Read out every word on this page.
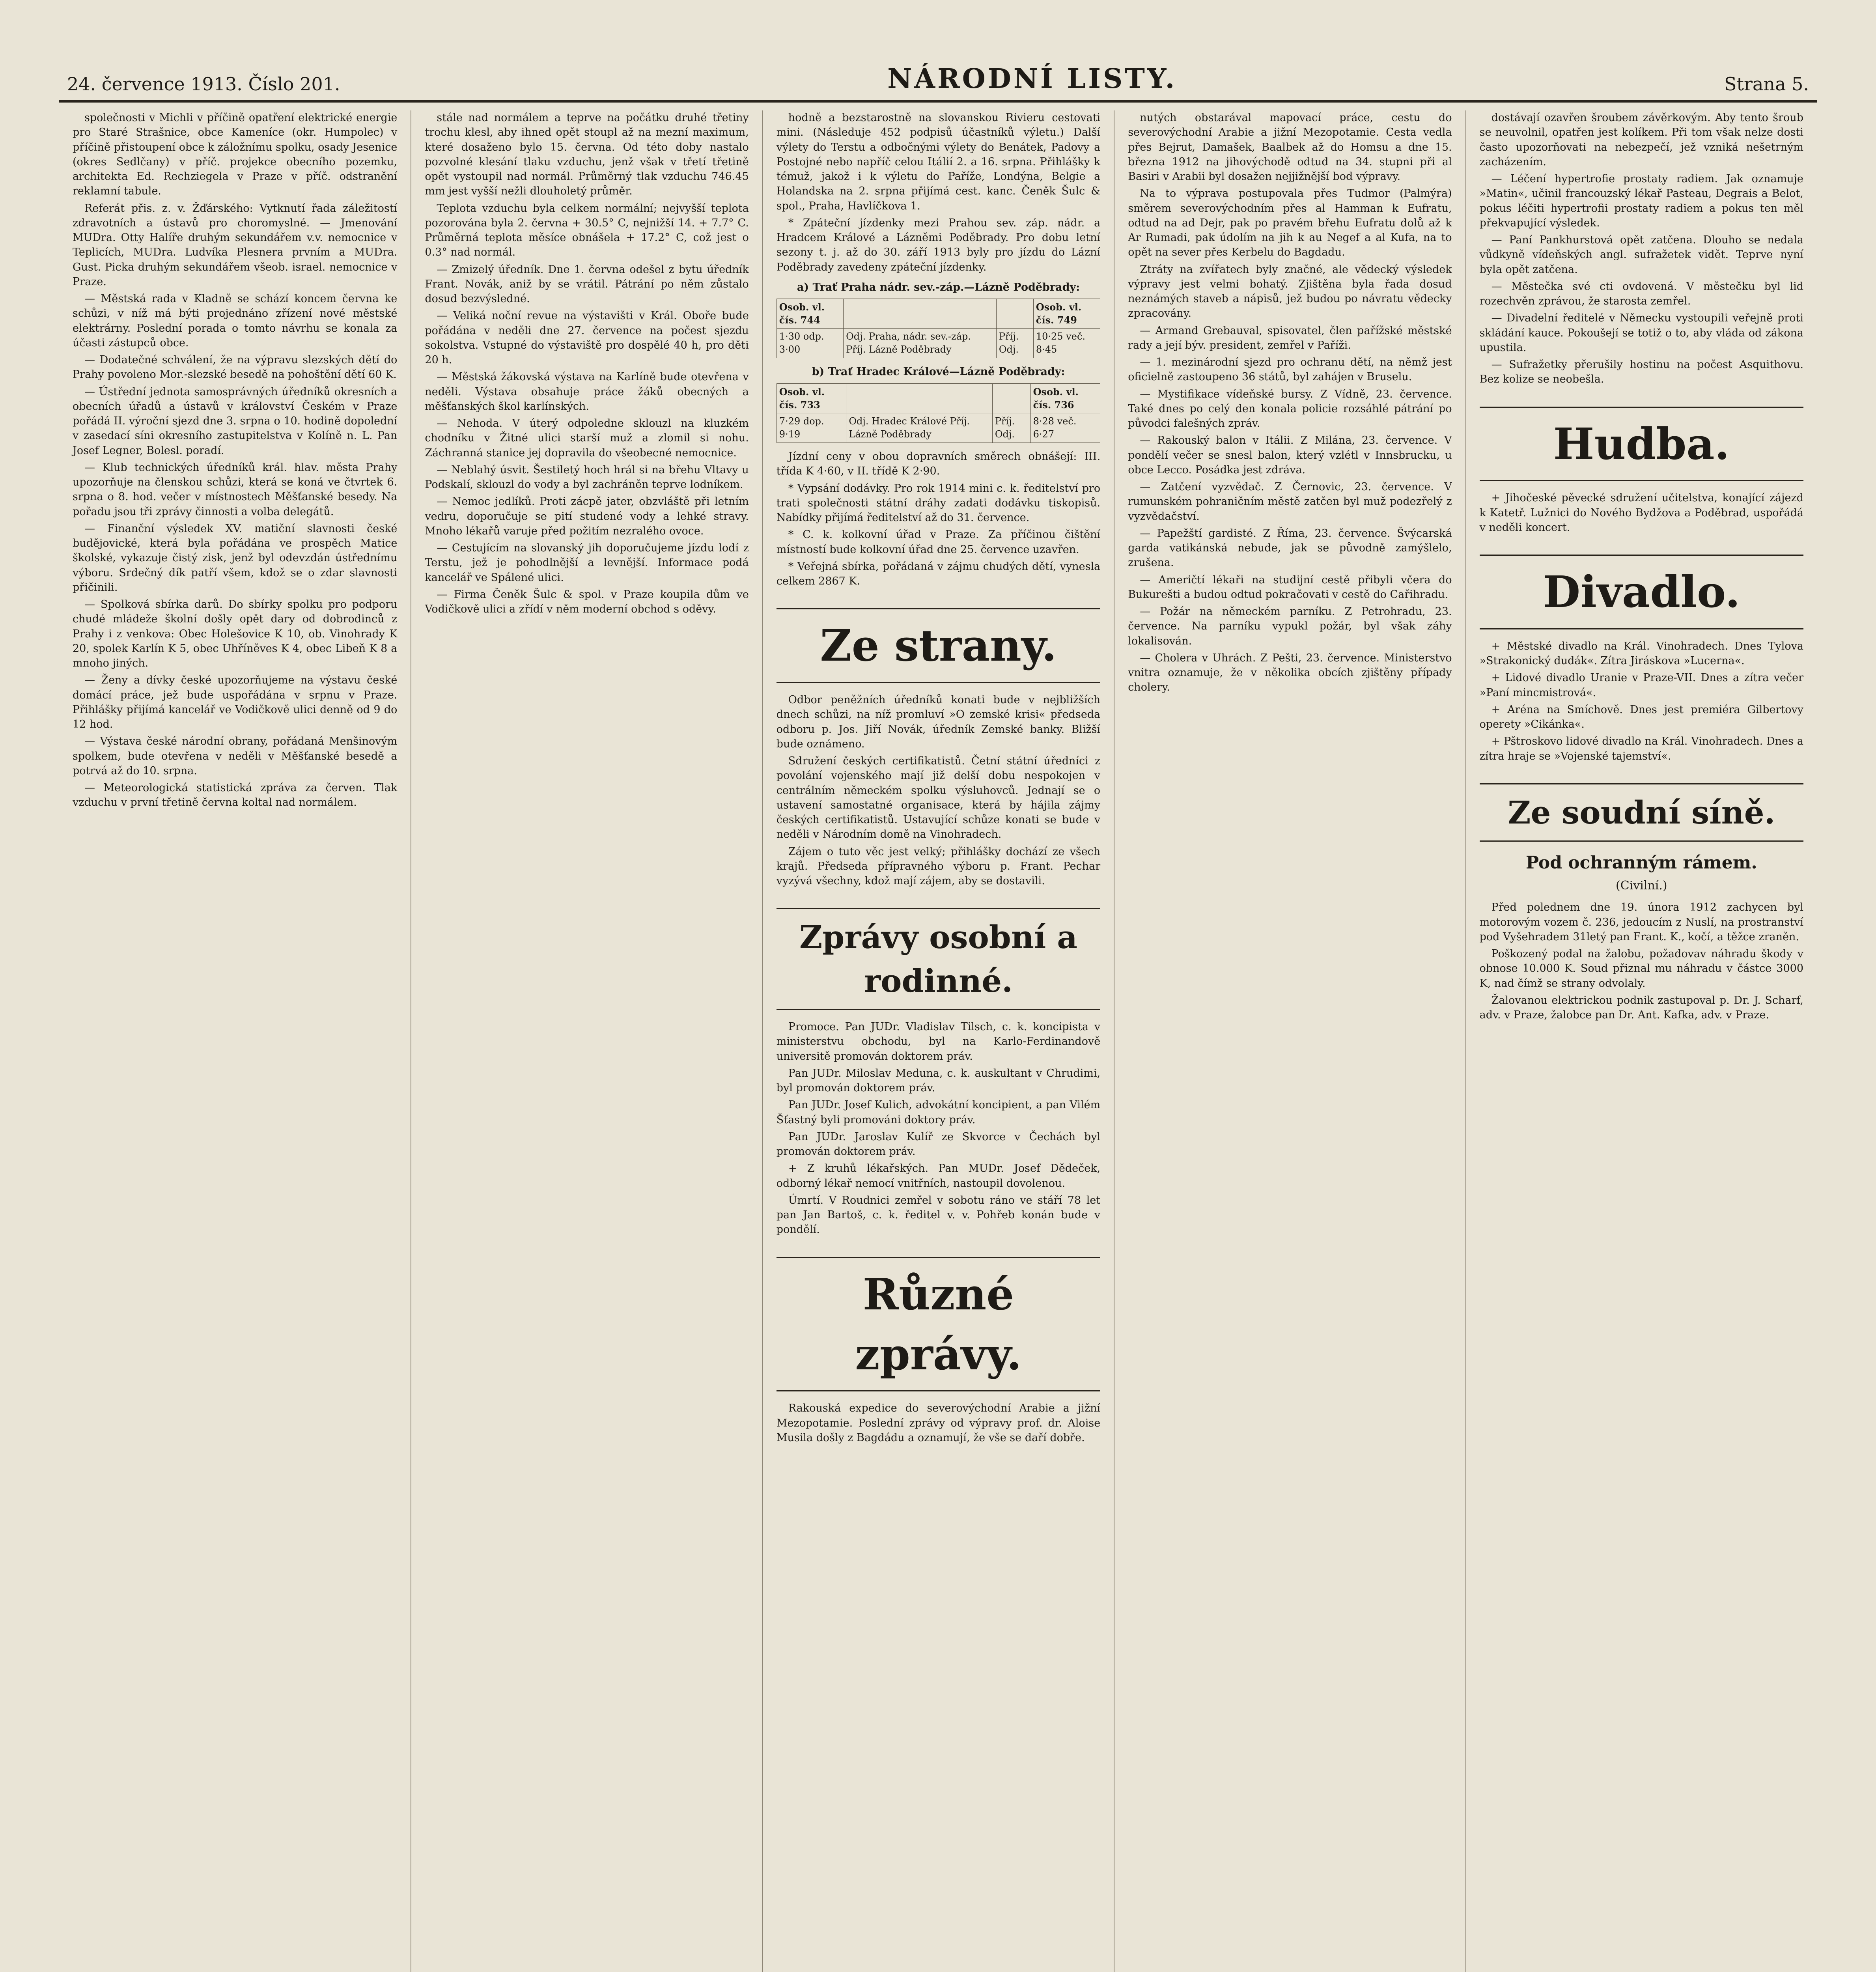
24. července 1913. Číslo 201.	NÁRODNÍ LISTY.	Strana 5.

společnosti v Michli v příčině opatření elektrické energie pro Staré Strašnice, obce Kameníce (okr. Humpolec) v příčině přistoupení obce k záložnímu spolku, osady Jesenice (okres Sedlčany) v příč. projekce obecního pozemku, architekta Ed. Rechziegela v Praze v příč. odstranění reklamní tabule.

Referát přis. z. v. Žďárského: Vytknutí řada záležitostí zdravotních a ústavů pro choromyslné. — Jmenování MUDra. Otty Halíře druhým sekundářem v.v. nemocnice v Teplicích, MUDra. Ludvíka Plesnera prvním a MUDra. Gust. Picka druhým sekundářem všeob. israel. nemocnice v Praze.

— Městská rada v Kladně se schází koncem června ke schůzi, v níž má býti projednáno zřízení nové městské elektrárny. Poslední porada o tomto návrhu se konala za účasti zástupců obce.

— Dodatečné schválení, že na výpravu slezských dětí do Prahy povoleno Mor.-slezské besedě na pohoštění dětí 60 K.

— Ústřední jednota samosprávných úředníků okresních a obecních úřadů a ústavů v království Českém v Praze pořádá II. výroční sjezd dne 3. srpna o 10. hodině dopolední v zasedací síni okresního zastupitelstva v Kolíně n. L. Pan Josef Legner, Bolesl. poradí.

— Klub technických úředníků král. hlav. města Prahy upozorňuje na členskou schůzi, která se koná ve čtvrtek 6. srpna o 8. hod. večer v místnostech Měšťanské besedy. Na pořadu jsou tři zprávy činnosti a volba delegátů.

— Finanční výsledek XV. matiční slavnosti české budějovické, která byla pořádána ve prospěch Matice školské, vykazuje čistý zisk, jenž byl odevzdán ústřednímu výboru. Srdečný dík patří všem, kdož se o zdar slavnosti přičinili.

— Spolková sbírka darů. Do sbírky spolku pro podporu chudé mládeže školní došly opět dary od dobrodinců z Prahy i z venkova: Obec Holešovice K 10, ob. Vinohrady K 20, spolek Karlín K 5, obec Uhříněves K 4, obec Libeň K 8 a mnoho jiných.

— Ženy a dívky české upozorňujeme na výstavu české domácí práce, jež bude uspořádána v srpnu v Praze. Přihlášky přijímá kancelář ve Vodičkově ulici denně od 9 do 12 hod.

— Výstava české národní obrany, pořádaná Menšinovým spolkem, bude otevřena v neděli v Měšťanské besedě a potrvá až do 10. srpna.

— Meteorologická statistická zpráva za červen. Tlak vzduchu v první třetině června koltal nad normálem.

stále nad normálem a teprve na počátku druhé třetiny trochu klesl, aby ihned opět stoupl až na mezní maximum, které dosaženo bylo 15. června. Od této doby nastalo pozvolné klesání tlaku vzduchu, jenž však v třetí třetině opět vystoupil nad normál. Průměrný tlak vzduchu 746.45 mm jest vyšší nežli dlouholetý průměr.

Teplota vzduchu byla celkem normální; nejvyšší teplota pozorována byla 2. června + 30.5° C, nejnižší 14. + 7.7° C. Průměrná teplota měsíce obnášela + 17.2° C, což jest o 0.3° nad normál.

— Zmizelý úředník. Dne 1. června odešel z bytu úředník Frant. Novák, aniž by se vrátil. Pátrání po něm zůstalo dosud bezvýsledné.

— Veliká noční revue na výstavišti v Král. Oboře bude pořádána v neděli dne 27. července na počest sjezdu sokolstva. Vstupné do výstaviště pro dospělé 40 h, pro děti 20 h.

— Městská žákovská výstava na Karlíně bude otevřena v neděli. Výstava obsahuje práce žáků obecných a měšťanských škol karlínských.

— Nehoda. V úterý odpoledne sklouzl na kluzkém chodníku v Žitné ulici starší muž a zlomil si nohu. Záchranná stanice jej dopravila do všeobecné nemocnice.

— Neblahý úsvit. Šestiletý hoch hrál si na břehu Vltavy u Podskalí, sklouzl do vody a byl zachráněn teprve lodníkem.

— Nemoc jedlíků. Proti zácpě jater, obzvláště při letním vedru, doporučuje se pití studené vody a lehké stravy. Mnoho lékařů varuje před požitím nezralého ovoce.

— Cestujícím na slovanský jih doporučujeme jízdu lodí z Terstu, jež je pohodlnější a levnější. Informace podá kancelář ve Spálené ulici.

— Firma Čeněk Šulc & spol. v Praze koupila dům ve Vodičkově ulici a zřídí v něm moderní obchod s oděvy.

hodně a bezstarostně na slovanskou Rivieru cestovati mini. (Následuje 452 podpisů účastníků výletu.) Další výlety do Terstu a odbočnými výlety do Benátek, Padovy a Postojné nebo napříč celou Itálií 2. a 16. srpna. Přihlášky k témuž, jakož i k výletu do Paříže, Londýna, Belgie a Holandska na 2. srpna přijímá cest. kanc. Čeněk Šulc & spol., Praha, Havlíčkova 1.

* Zpáteční jízdenky mezi Prahou sev. záp. nádr. a Hradcem Králové a Lázněmi Poděbrady. Pro dobu letní sezony t. j. až do 30. září 1913 byly pro jízdu do Lázní Poděbrady zavedeny zpáteční jízdenky.

a) Trať Praha nádr. sev.-záp.—Lázně Poděbrady:
Osob. vl. čís. 744			Osob. vl. čís. 749
1·30 odp. 3·00	Odj. Praha, nádr. sev.-záp. Příj. Lázně Poděbrady	Příj. Odj.	10·25 več. 8·45
b) Trať Hradec Králové—Lázně Poděbrady:
Osob. vl. čís. 733			Osob. vl. čís. 736
7·29 dop. 9·19	Odj. Hradec Králové Příj. Lázně Poděbrady	Příj. Odj.	8·28 več. 6·27

Jízdní ceny v obou dopravních směrech obnášejí: III. třída K 4·60, v II. třídě K 2·90.

* Vypsání dodávky. Pro rok 1914 mini c. k. ředitelství pro trati společnosti státní dráhy zadati dodávku tiskopisů. Nabídky přijímá ředitelství až do 31. července.

* C. k. kolkovní úřad v Praze. Za příčinou čištění místností bude kolkovní úřad dne 25. července uzavřen.

* Veřejná sbírka, pořádaná v zájmu chudých dětí, vynesla celkem 2867 K.

Ze strany.

Odbor peněžních úředníků konati bude v nejbližších dnech schůzi, na níž promluví »O zemské krisi« předseda odboru p. Jos. Jiří Novák, úředník Zemské banky. Bližší bude oznámeno.

Sdružení českých certifikatistů. Četní státní úředníci z povolání vojenského mají již delší dobu nespokojen v centrálním německém spolku výsluhovců. Jednají se o ustavení samostatné organisace, která by hájila zájmy českých certifikatistů. Ustavující schůze konati se bude v neděli v Národním domě na Vinohradech.

Zájem o tuto věc jest velký; přihlášky dochází ze všech krajů. Předseda přípravného výboru p. Frant. Pechar vyzývá všechny, kdož mají zájem, aby se dostavili.

Zprávy osobní a rodinné.

Promoce. Pan JUDr. Vladislav Tilsch, c. k. koncipista v ministerstvu obchodu, byl na Karlo-Ferdinandově universitě promován doktorem práv.

Pan JUDr. Miloslav Meduna, c. k. auskultant v Chrudimi, byl promován doktorem práv.

Pan JUDr. Josef Kulich, advokátní koncipient, a pan Vilém Šťastný byli promováni doktory práv.

Pan JUDr. Jaroslav Kulíř ze Skvorce v Čechách byl promován doktorem práv.

+ Z kruhů lékařských. Pan MUDr. Josef Dědeček, odborný lékař nemocí vnitřních, nastoupil dovolenou.

Úmrtí. V Roudnici zemřel v sobotu ráno ve stáří 78 let pan Jan Bartoš, c. k. ředitel v. v. Pohřeb konán bude v pondělí.

Různé zprávy.

Rakouská expedice do severovýchodní Arabie a jižní Mezopotamie. Poslední zprávy od výpravy prof. dr. Aloise Musila došly z Bagdádu a oznamují, že vše se daří dobře.

nutých obstarával mapovací práce, cestu do severovýchodní Arabie a jižní Mezopotamie. Cesta vedla přes Bejrut, Damašek, Baalbek až do Homsu a dne 15. března 1912 na jihovýchodě odtud na 34. stupni při al Basiri v Arabii byl dosažen nejjižnější bod výpravy.

Na to výprava postupovala přes Tudmor (Palmýra) směrem severovýchodním přes al Hamman k Eufratu, odtud na ad Dejr, pak po pravém břehu Eufratu dolů až k Ar Rumadi, pak údolím na jih k au Negef a al Kufa, na to opět na sever přes Kerbelu do Bagdadu.

Ztráty na zvířatech byly značné, ale vědecký výsledek výpravy jest velmi bohatý. Zjištěna byla řada dosud neznámých staveb a nápisů, jež budou po návratu vědecky zpracovány.

— Armand Grebauval, spisovatel, člen pařížské městské rady a její býv. president, zemřel v Paříži.

— 1. mezinárodní sjezd pro ochranu dětí, na němž jest oficielně zastoupeno 36 států, byl zahájen v Bruselu.

— Mystifikace vídeňské bursy. Z Vídně, 23. července. Také dnes po celý den konala policie rozsáhlé pátrání po původci falešných zpráv.

— Rakouský balon v Itálii. Z Milána, 23. července. V pondělí večer se snesl balon, který vzlétl v Innsbrucku, u obce Lecco. Posádka jest zdráva.

— Zatčení vyzvědač. Z Černovic, 23. července. V rumunském pohraničním městě zatčen byl muž podezřelý z vyzvědačství.

— Papežští gardisté. Z Říma, 23. července. Švýcarská garda vatikánská nebude, jak se původně zamýšlelo, zrušena.

— Američtí lékaři na studijní cestě přibyli včera do Bukurešti a budou odtud pokračovati v cestě do Cařihradu.

— Požár na německém parníku. Z Petrohradu, 23. července. Na parníku vypukl požár, byl však záhy lokalisován.

— Cholera v Uhrách. Z Pešti, 23. července. Ministerstvo vnitra oznamuje, že v několika obcích zjištěny případy cholery.

dostávají ozavřen šroubem závěrkovým. Aby tento šroub se neuvolnil, opatřen jest kolíkem. Při tom však nelze dosti často upozorňovati na nebezpečí, jež vzniká nešetrným zacházením.

— Léčení hypertrofie prostaty radiem. Jak oznamuje »Matin«, učinil francouzský lékař Pasteau, Degrais a Belot, pokus léčiti hypertrofii prostaty radiem a pokus ten měl překvapující výsledek.

— Paní Pankhurstová opět zatčena. Dlouho se nedala vůdkyně vídeňských angl. sufražetek vidět. Teprve nyní byla opět zatčena.

— Městečka své cti ovdovená. V městečku byl lid rozechvěn zprávou, že starosta zemřel.

— Divadelní ředitelé v Německu vystoupili veřejně proti skládání kauce. Pokoušejí se totiž o to, aby vláda od zákona upustila.

— Sufražetky přerušily hostinu na počest Asquithovu. Bez kolize se neobešla.

Hudba.

+ Jihočeské pěvecké sdružení učitelstva, konající zájezd k Katetř. Lužnici do Nového Bydžova a Poděbrad, uspořádá v neděli koncert.

Divadlo.

+ Městské divadlo na Král. Vinohradech. Dnes Tylova »Strakonický dudák«. Zítra Jiráskova »Lucerna«.

+ Lidové divadlo Uranie v Praze-VII. Dnes a zítra večer »Paní mincmistrová«.

+ Aréna na Smíchově. Dnes jest premiéra Gilbertovy operety »Cikánka«.

+ Pštroskovo lidové divadlo na Král. Vinohradech. Dnes a zítra hraje se »Vojenské tajemství«.

Ze soudní síně.
Pod ochranným rámem.
(Civilní.)

Před polednem dne 19. února 1912 zachycen byl motorovým vozem č. 236, jedoucím z Nuslí, na prostranství pod Vyšehradem 31letý pan Frant. K., kočí, a těžce zraněn.

Poškozený podal na žalobu, požadovav náhradu škody v obnose 10.000 K. Soud přiznal mu náhradu v částce 3000 K, nad čímž se strany odvolaly.

Žalovanou elektrickou podnik zastupoval p. Dr. J. Scharf, adv. v Praze, žalobce pan Dr. Ant. Kafka, adv. v Praze.
